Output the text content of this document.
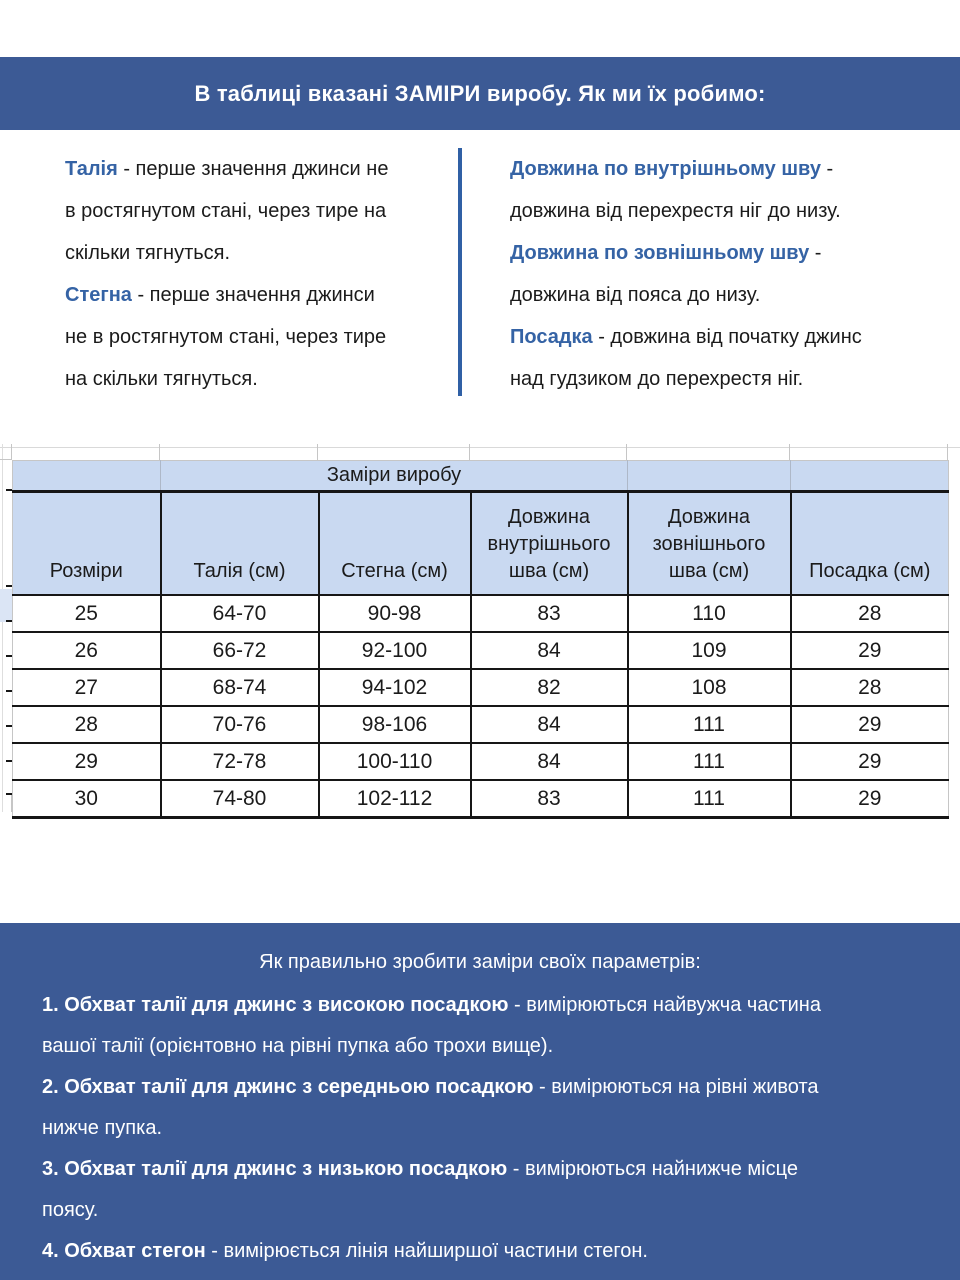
В таблиці вказані ЗАМІРИ виробу. Як ми їх робимо:
Талія - перше значення джинси не
в ростягнутом стані, через тире на
скільки тягнуться.
Стегна - перше значення джинси
не в ростягнутом стані, через тире
на скільки тягнуться.
Довжина по внутрішньому шву -
довжина від перехрестя ніг до низу.
Довжина по зовнішньому шву -
довжина від пояса до низу.
Посадка - довжина від початку джинс
над гудзиком до перехрестя ніг.
	Заміри виробу				
Розміри	Талія (см)	Стегна (см)	Довжина внутрішнього шва (см)	Довжина зовнішнього шва (см)	Посадка (см)
25	64-70	90-98	83	110	28
26	66-72	92-100	84	109	29
27	68-74	94-102	82	108	28
28	70-76	98-106	84	111	29
29	72-78	100-110	84	111	29
30	74-80	102-112	83	111	29
Як правильно зробити заміри своїх параметрів:
1. Обхват талії для джинс з високою посадкою - вимірюються найвужча частина
вашої талії (орієнтовно на рівні пупка або трохи вище).
2. Обхват талії для джинс з середньою посадкою - вимірюються на рівні живота
нижче пупка.
3. Обхват талії для джинс з низькою посадкою - вимірюються найнижче місце
поясу.
4. Обхват стегон - вимірюється лінія найширшої частини стегон.
